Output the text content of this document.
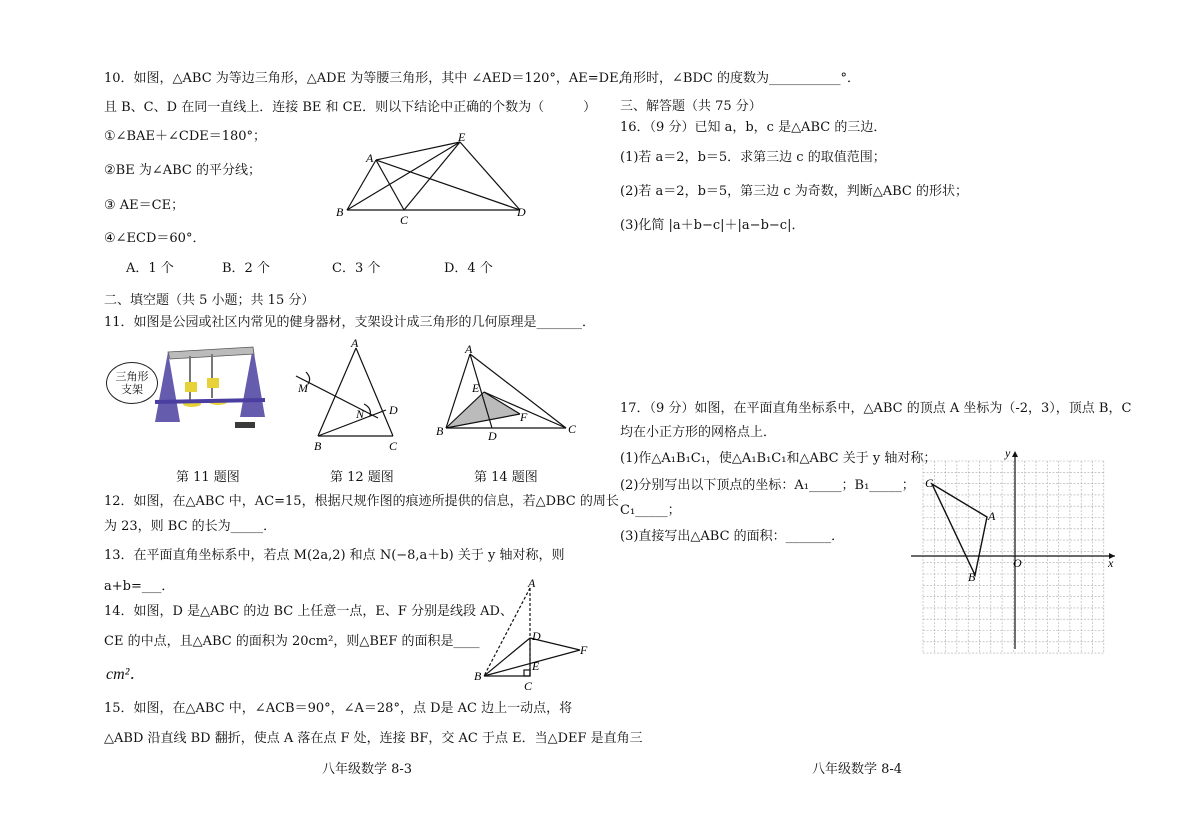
10．如图，△ABC 为等边三角形，△ADE 为等腰三角形，其中 ∠AED＝120°，AE=DE,
且 B、C、D 在同一直线上．连接 BE 和 CE．则以下结论中正确的个数为（　　　）
①∠BAE＋∠CDE＝180°；
②BE 为∠ABC 的平分线；
③ AE＝CE；
④∠ECD＝60°．
A．1 个	B．2 个	C．3 个	D．4 个
A
E
B
C
D
二、填空题（共 5 小题；共 15 分）
11．如图是公园或社区内常见的健身器材，支架设计成三角形的几何原理是_______．
三角形
支架
A
M
N D
B	C
A
E
F
B	D	C
第 11 题图	第 12 题图	第 14 题图
12．如图，在△ABC 中，AC=15，根据尺规作图的痕迹所提供的信息，若△DBC 的周长
为 23，则 BC 的长为_____．
13．在平面直角坐标系中，若点 M(2a,2) 和点 N(−8,a＋b) 关于 y 轴对称，则
a+b=___．
14．如图，D 是△ABC 的边 BC 上任意一点，E、F 分别是线段 AD、
CE 的中点，且△ABC 的面积为 20cm²，则△BEF 的面积是____
cm²．
A
D
F
E
B
C
15．如图，在△ABC 中，∠ACB＝90°，∠A＝28°，点 D是 AC 边上一动点，将
△ABD 沿直线 BD 翻折，使点 A 落在点 F 处，连接 BF，交 AC 于点 E．当△DEF 是直角三
八年级数学 8-3
角形时，∠BDC 的度数为___________°．
三、解答题（共 75 分）
16．（9 分）已知 a，b，c 是△ABC 的三边．
(1)若 a＝2，b＝5．求第三边 c 的取值范围；
(2)若 a＝2，b＝5，第三边 c 为奇数，判断△ABC 的形状；
(3)化简 |a＋b−c|＋|a−b−c|．
17．（9 分）如图，在平面直角坐标系中，△ABC 的顶点 A 坐标为（-2，3），顶点 B，C
均在小正方形的网格点上．
(1)作△A₁B₁C₁，使△A₁B₁C₁和△ABC 关于 y 轴对称；
(2)分别写出以下顶点的坐标：A₁_____；B₁_____；
C₁_____；
(3)直接写出△ABC 的面积：_______．
y
x
O
C
A
B
八年级数学 8-4
